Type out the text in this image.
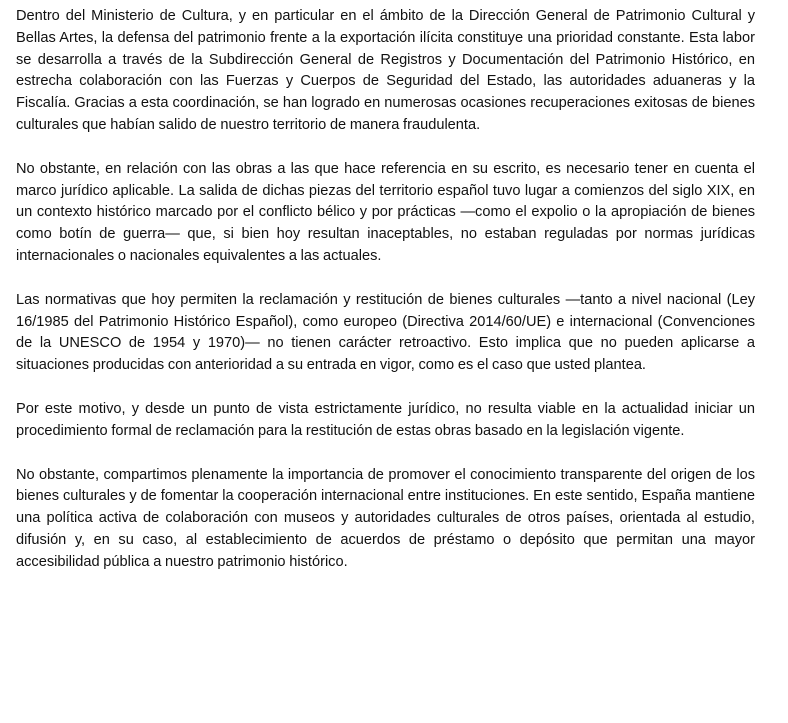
Dentro del Ministerio de Cultura, y en particular en el ámbito de la Dirección General de Patrimonio Cultural y Bellas Artes, la defensa del patrimonio frente a la exportación ilícita constituye una prioridad constante. Esta labor se desarrolla a través de la Subdirección General de Registros y Documentación del Patrimonio Histórico, en estrecha colaboración con las Fuerzas y Cuerpos de Seguridad del Estado, las autoridades aduaneras y la Fiscalía. Gracias a esta coordinación, se han logrado en numerosas ocasiones recuperaciones exitosas de bienes culturales que habían salido de nuestro territorio de manera fraudulenta.

No obstante, en relación con las obras a las que hace referencia en su escrito, es necesario tener en cuenta el marco jurídico aplicable. La salida de dichas piezas del territorio español tuvo lugar a comienzos del siglo XIX, en un contexto histórico marcado por el conflicto bélico y por prácticas —como el expolio o la apropiación de bienes como botín de guerra— que, si bien hoy resultan inaceptables, no estaban reguladas por normas jurídicas internacionales o nacionales equivalentes a las actuales.

Las normativas que hoy permiten la reclamación y restitución de bienes culturales —tanto a nivel nacional (Ley 16/1985 del Patrimonio Histórico Español), como europeo (Directiva 2014/60/UE) e internacional (Convenciones de la UNESCO de 1954 y 1970)— no tienen carácter retroactivo. Esto implica que no pueden aplicarse a situaciones producidas con anterioridad a su entrada en vigor, como es el caso que usted plantea.

Por este motivo, y desde un punto de vista estrictamente jurídico, no resulta viable en la actualidad iniciar un procedimiento formal de reclamación para la restitución de estas obras basado en la legislación vigente.

No obstante, compartimos plenamente la importancia de promover el conocimiento transparente del origen de los bienes culturales y de fomentar la cooperación internacional entre instituciones. En este sentido, España mantiene una política activa de colaboración con museos y autoridades culturales de otros países, orientada al estudio, difusión y, en su caso, al establecimiento de acuerdos de préstamo o depósito que permitan una mayor accesibilidad pública a nuestro patrimonio histórico.
